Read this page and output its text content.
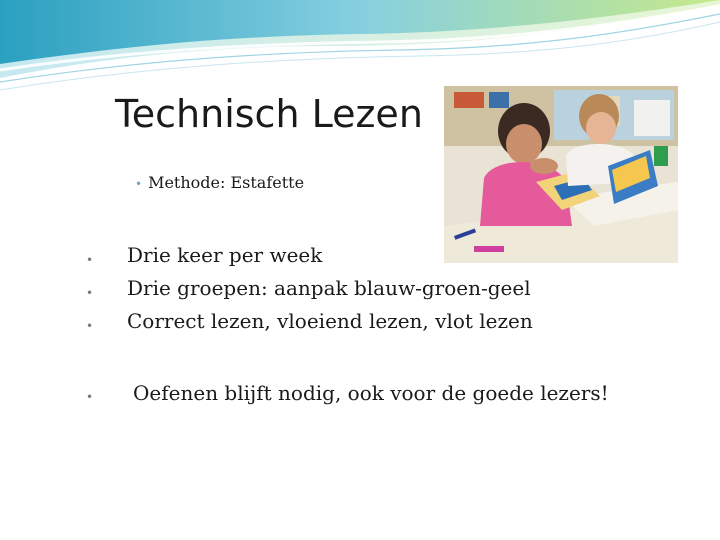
Technisch Lezen
• Methode: Estafette
• Drie keer per week
• Drie groepen: aanpak blauw-groen-geel
• Correct lezen, vloeiend lezen, vlot lezen
• Oefenen blijft nodig, ook voor de goede lezers!
